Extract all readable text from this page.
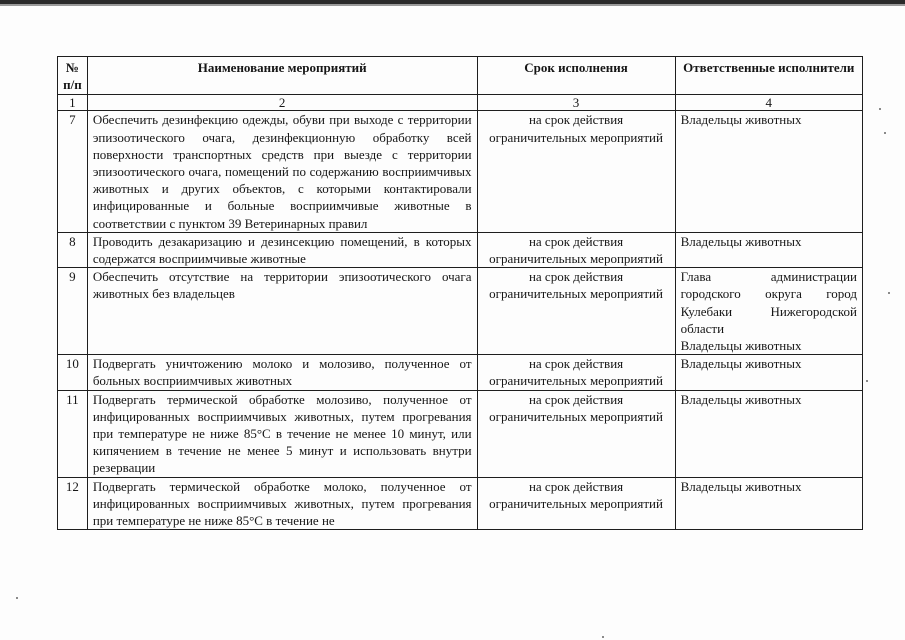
№ п/п	Наименование мероприятий	Срок исполнения	Ответственные исполнители
1	2	3	4
7	Обеспечить дезинфекцию одежды, обуви при выходе с территории эпизоотического очага, дезинфекционную обработку всей поверхности транспортных средств при выезде с территории эпизоотического очага, помещений по содержанию восприимчивых животных и других объектов, с которыми контактировали инфицированные и больные восприимчивые животные в соответствии с пунктом 39 Ветеринарных правил	на срок действия ограничительных мероприятий	Владельцы животных
8	Проводить дезакаризацию и дезинсекцию помещений, в которых содержатся восприимчивые животные	на срок действия ограничительных мероприятий	Владельцы животных
9	Обеспечить отсутствие на территории эпизоотического очага животных без владельцев	на срок действия ограничительных мероприятий	Глава администрации городского округа город Кулебаки Нижегородской области
Владельцы животных

10	Подвергать уничтожению молоко и молозиво, полученное от больных восприимчивых животных	на срок действия ограничительных мероприятий	Владельцы животных
11	Подвергать термической обработке молозиво, полученное от инфицированных восприимчивых животных, путем прогревания при температуре не ниже 85°С в течение не менее 10 минут, или кипячением в течение не менее 5 минут и использовать внутри резервации	на срок действия ограничительных мероприятий	Владельцы животных
12	Подвергать термической обработке молоко, полученное от инфицированных восприимчивых животных, путем прогревания при температуре не ниже 85°С в течение не	на срок действия ограничительных мероприятий	Владельцы животных
